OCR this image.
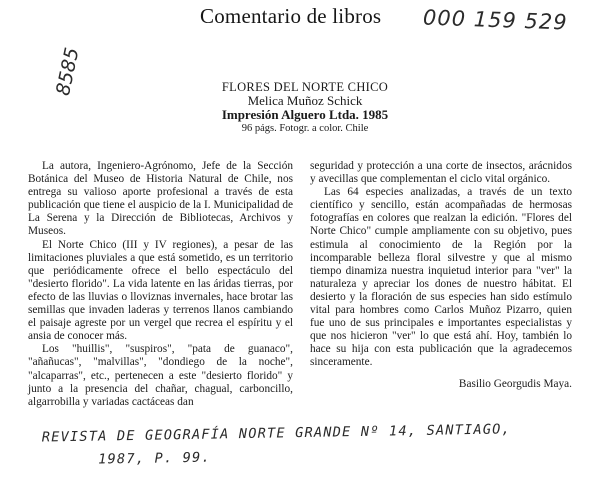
Comentario de libros 000 159 529
8585	FLORES DEL NORTE CHICO
Melica Muñoz Schick
Impresión Alguero Ltda. 1985
96 págs. Fotogr. a color. Chile

La autora, Ingeniero-Agrónomo, Jefe de la Sección Botánica del Museo de Historia Natural de Chile, nos entrega su valioso aporte profesional a través de esta publicación que tiene el auspicio de la I. Municipalidad de La Serena y la Dirección de Bibliotecas, Archivos y Museos.

El Norte Chico (III y IV regiones), a pesar de las limitaciones pluviales a que está sometido, es un territorio que periódicamente ofrece el bello espectáculo del "desierto florido". La vida latente en las áridas tierras, por efecto de las lluvias o lloviznas invernales, hace brotar las semillas que invaden laderas y terrenos llanos cambiando el paisaje agreste por un vergel que recrea el espíritu y el ansia de conocer más.

Los "huillis", "suspiros", "pata de guanaco", "añañucas", "malvillas", "dondiego de la noche", "alcaparras", etc., pertenecen a este "desierto florido" y junto a la presencia del chañar, chagual, carboncillo, algarrobilla y variadas cactáceas dan

seguridad y protección a una corte de insectos, arácnidos y avecillas que complementan el ciclo vital orgánico.

Las 64 especies analizadas, a través de un texto científico y sencillo, están acompañadas de hermosas fotografías en colores que realzan la edición. "Flores del Norte Chico" cumple ampliamente con su objetivo, pues estimula al conocimiento de la Región por la incomparable belleza floral silvestre y que al mismo tiempo dinamiza nuestra inquietud interior para "ver" la naturaleza y apreciar los dones de nuestro hábitat. El desierto y la floración de sus especies han sido estímulo vital para hombres como Carlos Muñoz Pizarro, quien fue uno de sus principales e importantes especialistas y que nos hicieron "ver" lo que está ahí. Hoy, también lo hace su hija con esta publicación que la agradecemos sinceramente.

Basilio Georgudis Maya.

REVISTA DE GEOGRAFÍA NORTE GRANDE Nº 14, SANTIAGO,
1987, P. 99.
